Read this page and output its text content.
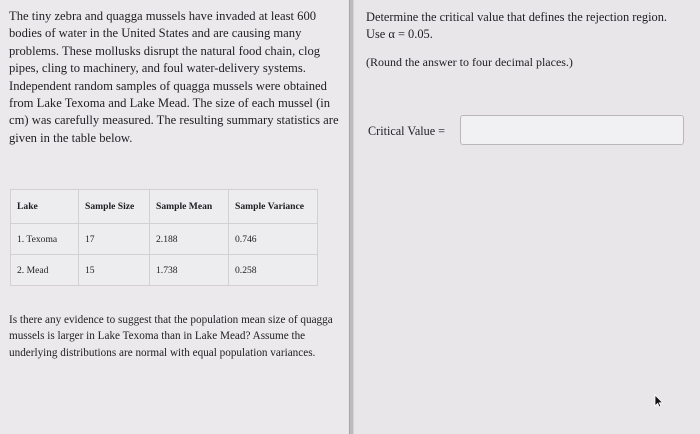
The tiny zebra and quagga mussels have invaded at least 600 bodies of water in the United States and are causing many problems. These mollusks disrupt the natural food chain, clog pipes, cling to machinery, and foul water-delivery systems. Independent random samples of quagga mussels were obtained from Lake Texoma and Lake Mead. The size of each mussel (in cm) was carefully measured. The resulting summary statistics are given in the table below.

Lake	Sample Size	Sample Mean	Sample Variance
1. Texoma	17	2.188	0.746
2. Mead	15	1.738	0.258

Is there any evidence to suggest that the population mean size of quagga mussels is larger in Lake Texoma than in Lake Mead? Assume the underlying distributions are normal with equal population variances.

Determine the critical value that defines the rejection region.
Use α = 0.05.

(Round the answer to four decimal places.)

Critical Value =
